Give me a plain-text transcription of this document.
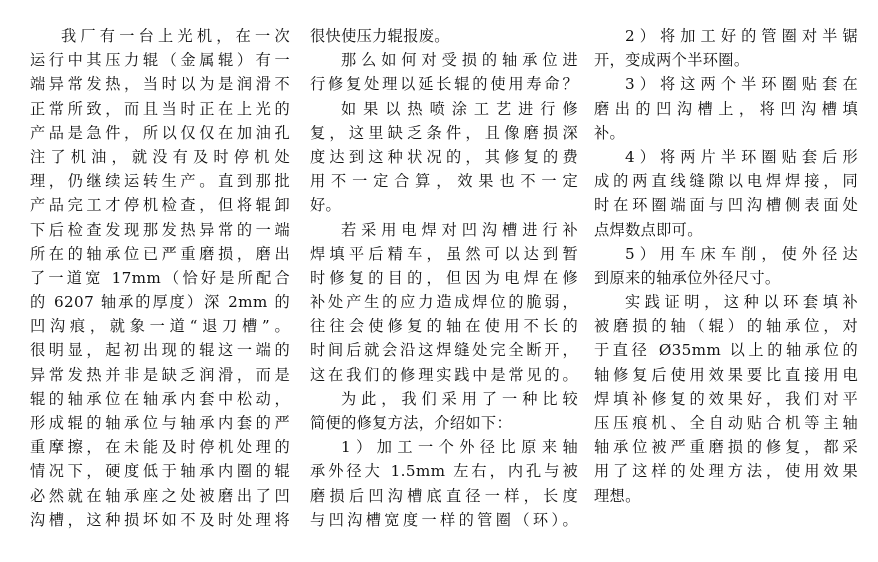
我厂有一台上光机，在一次
运行中其压力辊（金属辊）有一
端异常发热，当时以为是润滑不
正常所致，而且当时正在上光的
产品是急件，所以仅仅在加油孔
注了机油，就没有及时停机处
理，仍继续运转生产。直到那批
产品完工才停机检查，但将辊卸
下后检查发现那发热异常的一端
所在的轴承位已严重磨损，磨出
了一道宽 17mm（恰好是所配合
的 6207 轴承的厚度）深 2mm 的
凹沟痕，就象一道“退刀槽”。
很明显，起初出现的辊这一端的
异常发热并非是缺乏润滑，而是
辊的轴承位在轴承内套中松动，
形成辊的轴承位与轴承内套的严
重摩擦，在未能及时停机处理的
情况下，硬度低于轴承内圈的辊
必然就在轴承座之处被磨出了凹
沟槽，这种损坏如不及时处理将
很快使压力辊报废。
那么如何对受损的轴承位进
行修复处理以延长辊的使用寿命？
如果以热喷涂工艺进行修
复，这里缺乏条件，且像磨损深
度达到这种状况的，其修复的费
用不一定合算，效果也不一定
好。
若采用电焊对凹沟槽进行补
焊填平后精车，虽然可以达到暂
时修复的目的，但因为电焊在修
补处产生的应力造成焊位的脆弱，
往往会使修复的轴在使用不长的
时间后就会沿这焊缝处完全断开，
这在我们的修理实践中是常见的。
为此，我们采用了一种比较
简便的修复方法，介绍如下：
1）加工一个外径比原来轴
承外径大 1.5mm 左右，内孔与被
磨损后凹沟槽底直径一样，长度
与凹沟槽宽度一样的管圈（环）。
2）将加工好的管圈对半锯
开，变成两个半环圈。
3）将这两个半环圈贴套在
磨出的凹沟槽上，将凹沟槽填
补。
4）将两片半环圈贴套后形
成的两直线缝隙以电焊焊接，同
时在环圈端面与凹沟槽侧表面处
点焊数点即可。
5）用车床车削，使外径达
到原来的轴承位外径尺寸。
实践证明，这种以环套填补
被磨损的轴（辊）的轴承位，对
于直径 Ø35mm 以上的轴承位的
轴修复后使用效果要比直接用电
焊填补修复的效果好，我们对平
压压痕机、全自动贴合机等主轴
轴承位被严重磨损的修复，都采
用了这样的处理方法，使用效果
理想。
